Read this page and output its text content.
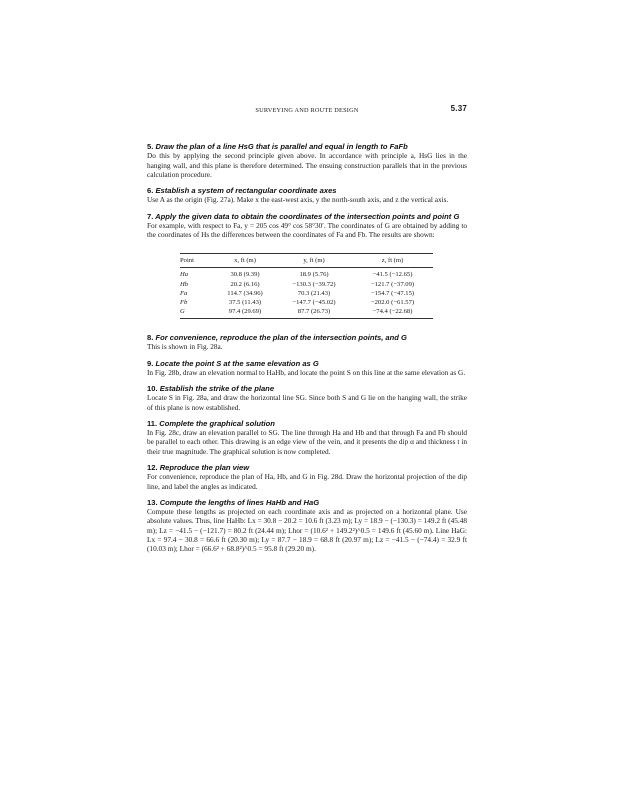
SURVEYING AND ROUTE DESIGN	5.37
5. Draw the plan of a line HsG that is parallel and equal in length to FaFb

Do this by applying the second principle given above. In accordance with principle a, HsG lies in the hanging wall, and this plane is therefore determined. The ensuing construction parallels that in the previous calculation procedure.

6. Establish a system of rectangular coordinate axes

Use A as the origin (Fig. 27a). Make x the east-west axis, y the north-south axis, and z the vertical axis.

7. Apply the given data to obtain the coordinates of the intersection points and point G

For example, with respect to Fa, y = 205 cos 49° cos 58°30′. The coordinates of G are obtained by adding to the coordinates of Hs the differences between the coordinates of Fa and Fb. The results are shown:

Point	x, ft (m)	y, ft (m)	z, ft (m)
Ha	30.8 (9.39)	18.9 (5.76)	−41.5 (−12.65)
Hb	20.2 (6.16)	−130.3 (−39.72)	−121.7 (−37.09)
Fa	114.7 (34.96)	70.3 (21.43)	−154.7 (−47.15)
Fb	37.5 (11.43)	−147.7 (−45.02)	−202.0 (−61.57)
G	97.4 (29.69)	87.7 (26.73)	−74.4 (−22.68)
8. For convenience, reproduce the plan of the intersection points, and G

This is shown in Fig. 28a.

9. Locate the point S at the same elevation as G

In Fig. 28b, draw an elevation normal to HaHb, and locate the point S on this line at the same elevation as G.

10. Establish the strike of the plane

Locate S in Fig. 28a, and draw the horizontal line SG. Since both S and G lie on the hanging wall, the strike of this plane is now established.

11. Complete the graphical solution

In Fig. 28c, draw an elevation parallel to SG. The line through Ha and Hb and that through Fa and Fb should be parallel to each other. This drawing is an edge view of the vein, and it presents the dip α and thickness t in their true magnitude. The graphical solution is now completed.

12. Reproduce the plan view

For convenience, reproduce the plan of Ha, Hb, and G in Fig. 28d. Draw the horizontal projection of the dip line, and label the angles as indicated.

13. Compute the lengths of lines HaHb and HaG

Compute these lengths as projected on each coordinate axis and as projected on a horizontal plane. Use absolute values. Thus, line HaHb: Lx = 30.8 − 20.2 = 10.6 ft (3.23 m); Ly = 18.9 − (−130.3) = 149.2 ft (45.48 m); Lz = −41.5 − (−121.7) = 80.2 ft (24.44 m); Lhor = (10.6² + 149.2²)^0.5 = 149.6 ft (45.60 m). Line HaG: Lx = 97.4 − 30.8 = 66.6 ft (20.30 m); Ly = 87.7 − 18.9 = 68.8 ft (20.97 m); Lz = −41.5 − (−74.4) = 32.9 ft (10.03 m); Lhor = (66.6² + 68.8²)^0.5 = 95.8 ft (29.20 m).
